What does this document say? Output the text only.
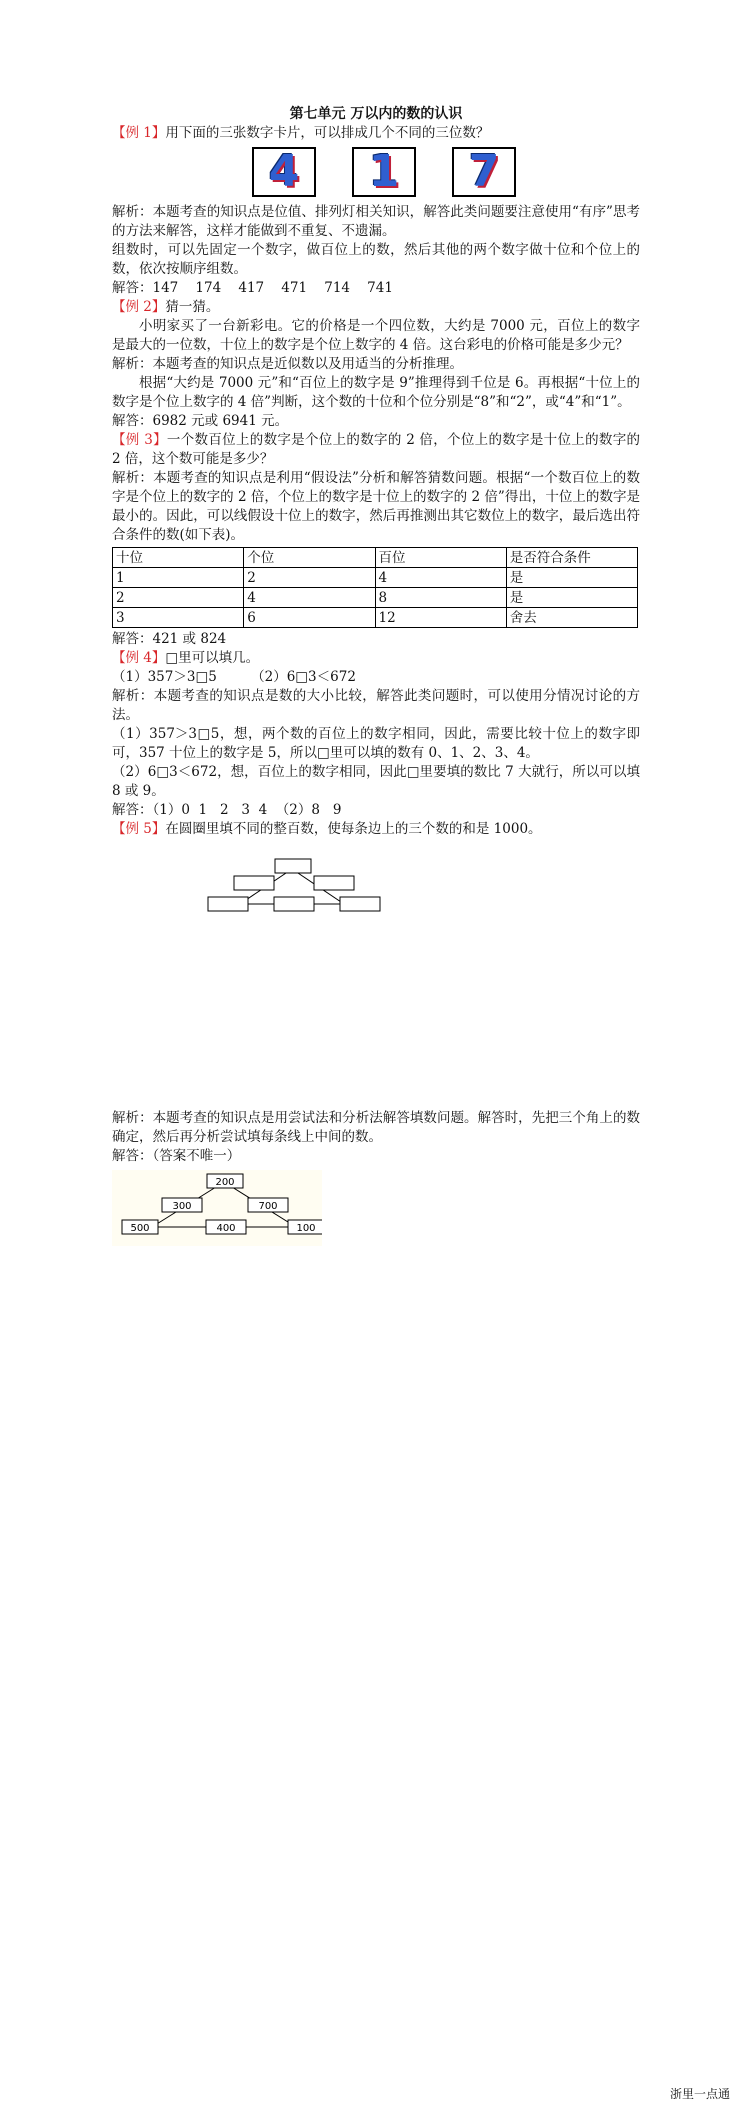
第七单元 万以内的数的认识

【例 1】用下面的三张数字卡片，可以排成几个不同的三位数？

4 1 7

解析：本题考查的知识点是位值、排列灯相关知识，解答此类问题要注意使用“有序”思考的方法来解答，这样才能做到不重复、不遗漏。

组数时，可以先固定一个数字，做百位上的数，然后其他的两个数字做十位和个位上的数，依次按顺序组数。

解答：147    174    417    471    714    741

【例 2】猜一猜。

小明家买了一台新彩电。它的价格是一个四位数，大约是 7000 元，百位上的数字是最大的一位数，十位上的数字是个位上数字的 4 倍。这台彩电的价格可能是多少元？

解析：本题考查的知识点是近似数以及用适当的分析推理。

根据“大约是 7000 元”和“百位上的数字是 9”推理得到千位是 6。再根据“十位上的数字是个位上数字的 4 倍”判断，这个数的十位和个位分别是“8”和“2”，或“4”和“1”。

解答：6982 元或 6941 元。

【例 3】一个数百位上的数字是个位上的数字的 2 倍，个位上的数字是十位上的数字的 2 倍，这个数可能是多少？

解析：本题考查的知识点是利用“假设法”分析和解答猜数问题。根据“一个数百位上的数字是个位上的数字的 2 倍，个位上的数字是十位上的数字的 2 倍”得出，十位上的数字是最小的。因此，可以线假设十位上的数字，然后再推测出其它数位上的数字，最后选出符合条件的数(如下表)。

十位	个位	百位	是否符合条件
1	2	4	是
2	4	8	是
3	6	12	舍去

解答：421 或 824

【例 4】□里可以填几。

（1）357＞3□5        （2）6□3＜672

解析：本题考查的知识点是数的大小比较，解答此类问题时，可以使用分情况讨论的方法。

（1）357＞3□5，想，两个数的百位上的数字相同，因此，需要比较十位上的数字即可，357 十位上的数字是 5，所以□里可以填的数有 0、1、2、3、4。

（2）6□3＜672，想，百位上的数字相同，因此□里要填的数比 7 大就行，所以可以填 8 或 9。

解答：（1）0  1   2   3  4  （2）8   9

【例 5】在圆圈里填不同的整百数，使每条边上的三个数的和是 1000。

解析：本题考查的知识点是用尝试法和分析法解答填数问题。解答时，先把三个角上的数确定，然后再分析尝试填每条线上中间的数。

解答：（答案不唯一）

200
300	700
500	400	100
浙里一点通
